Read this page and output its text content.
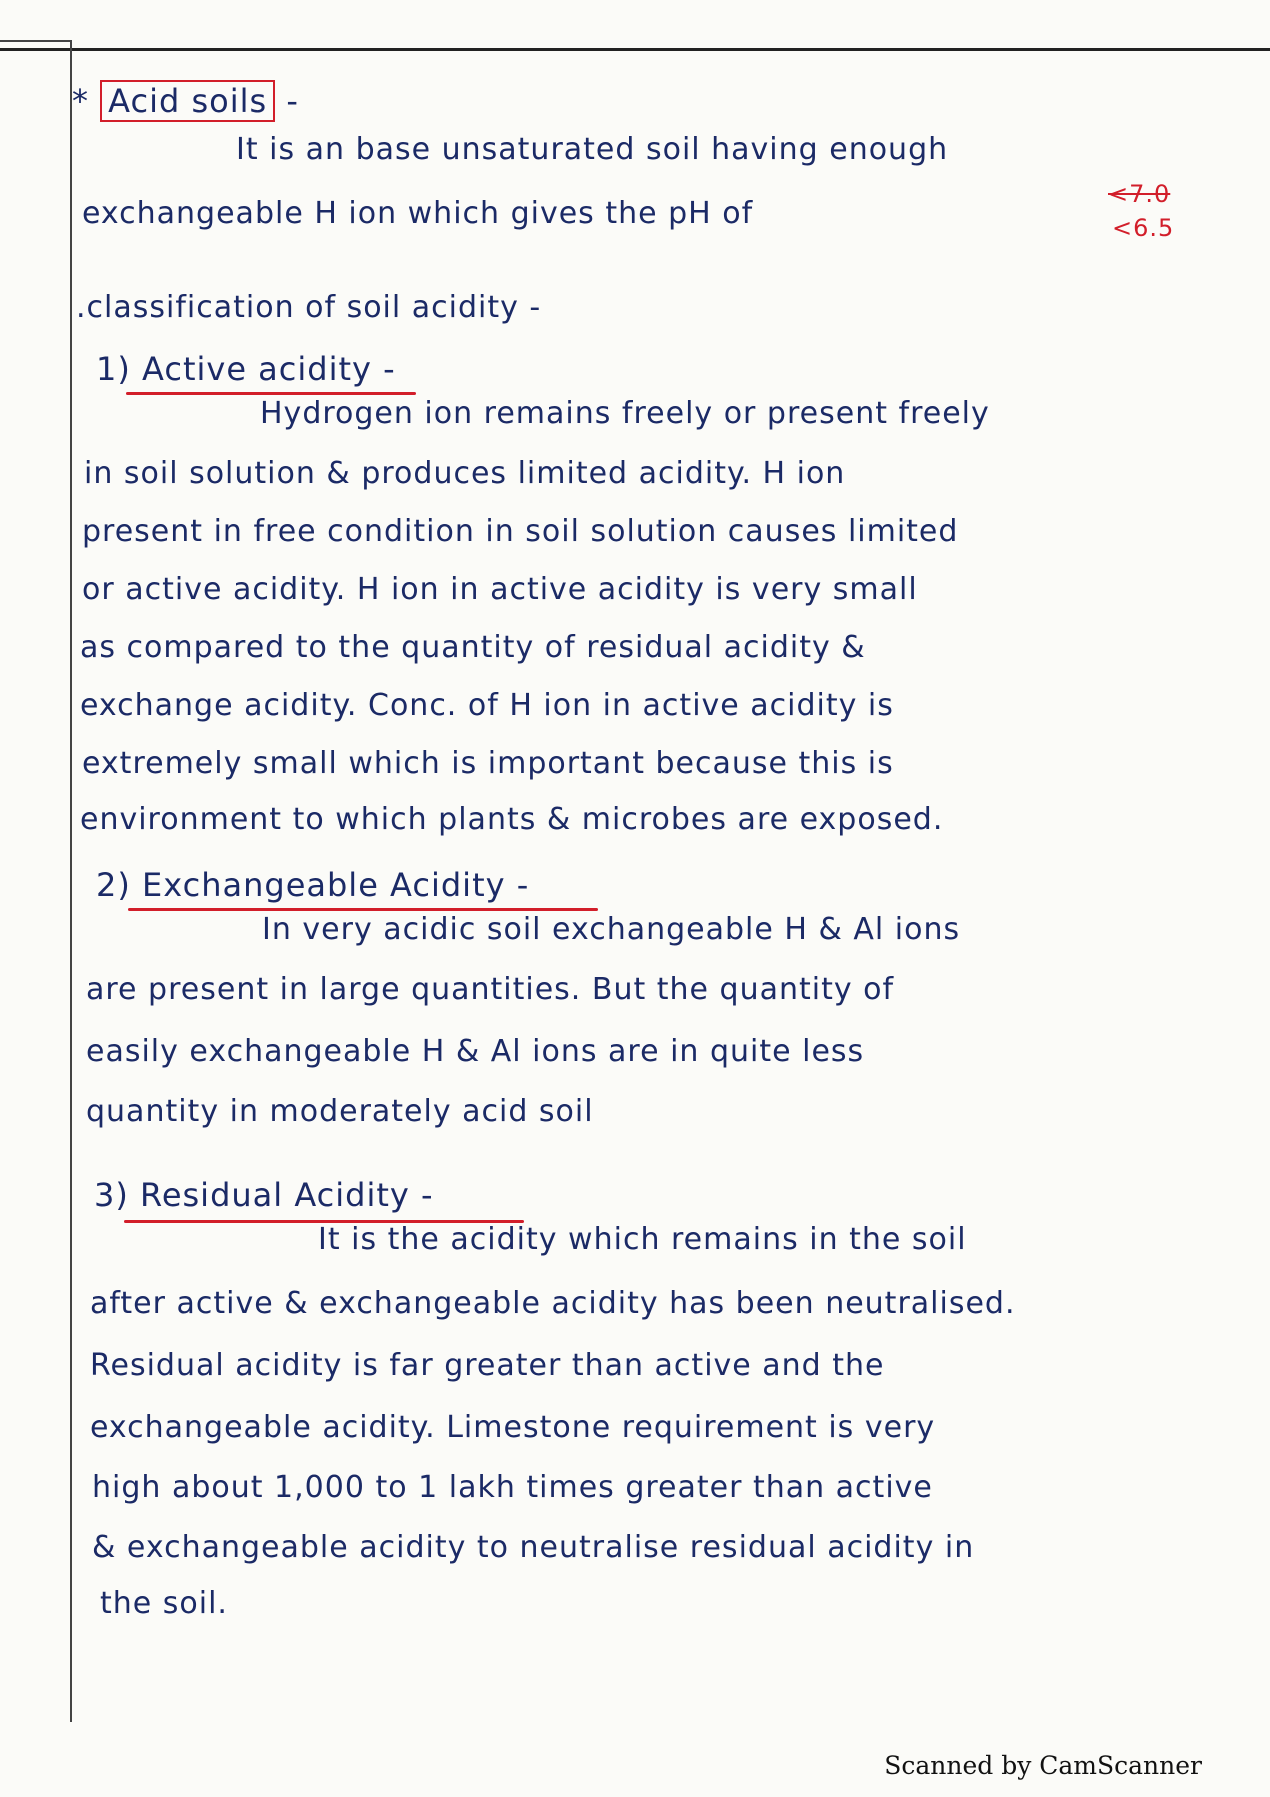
* Acid soils -
It is an base unsaturated soil having enough
exchangeable H ion which gives the pH of
<7.0
<6.5
.classification of soil acidity -
1) Active acidity -
Hydrogen ion remains freely or present freely
in soil solution & produces limited acidity. H ion
present in free condition in soil solution causes limited
or active acidity. H ion in active acidity is very small
as compared to the quantity of residual acidity &
exchange acidity. Conc. of H ion in active acidity is
extremely small which is important because this is
environment to which plants & microbes are exposed.
2) Exchangeable Acidity -
In very acidic soil exchangeable H & Al ions
are present in large quantities. But the quantity of
easily exchangeable H & Al ions are in quite less
quantity in moderately acid soil
3) Residual Acidity -
It is the acidity which remains in the soil
after active & exchangeable acidity has been neutralised.
Residual acidity is far greater than active and the
exchangeable acidity. Limestone requirement is very
high about 1,000 to 1 lakh times greater than active
& exchangeable acidity to neutralise residual acidity in
the soil.
Scanned by CamScanner
